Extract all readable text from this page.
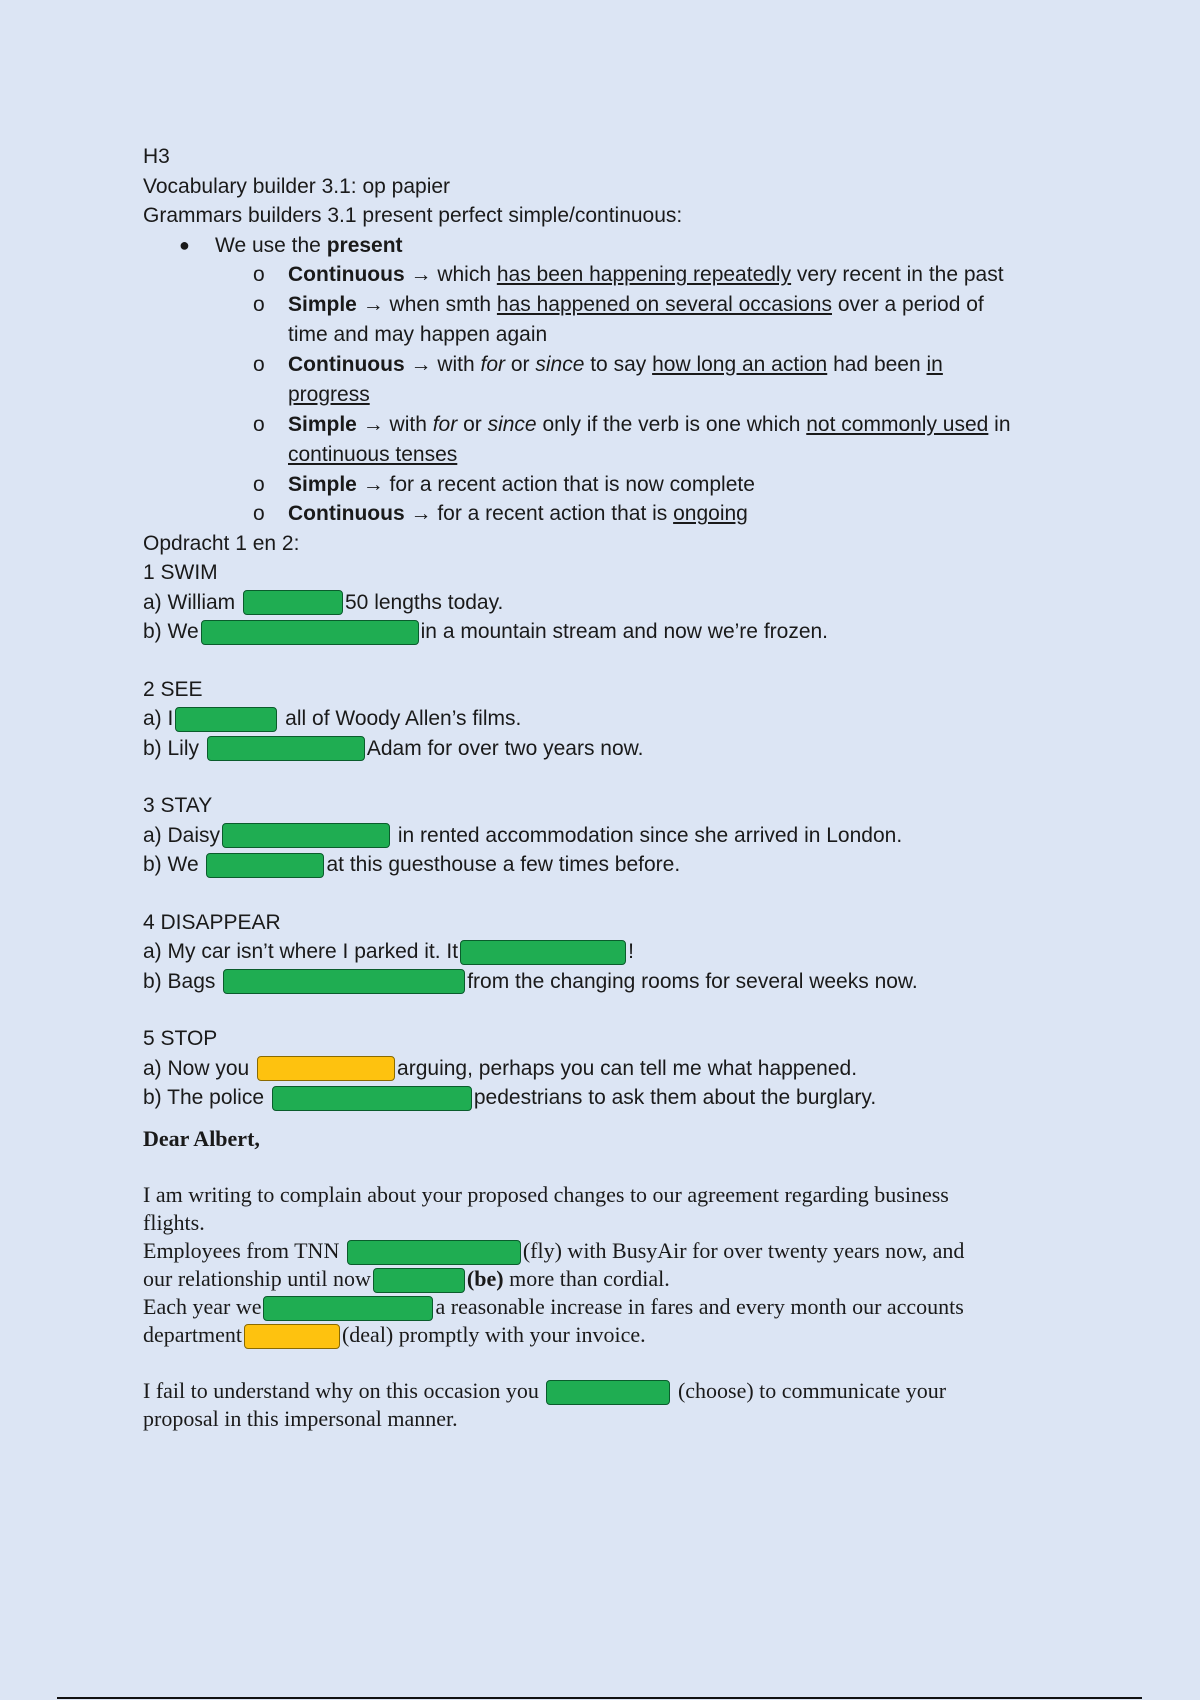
H3
Vocabulary builder 3.1: op papier
Grammars builders 3.1 present perfect simple/continuous:
● We use the present
o Continuous → which has been happening repeatedly very recent in the past
o Simple → when smth has happened on several occasions over a period of
time and may happen again
o Continuous → with for or since to say how long an action had been in
progress
o Simple → with for or since only if the verb is one which not commonly used in
continuous tenses
o Simple → for a recent action that is now complete
o Continuous → for a recent action that is ongoing
Opdracht 1 en 2:
1 SWIM
a) William	50 lengths today.
b) We	in a mountain stream and now we’re frozen.
2 SEE
a) I	all of Woody Allen’s films.
b) Lily	Adam for over two years now.
3 STAY
a) Daisy	in rented accommodation since she arrived in London.
b) We	at this guesthouse a few times before.
4 DISAPPEAR
a) My car isn’t where I parked it. It	!
b) Bags	from the changing rooms for several weeks now.
5 STOP
a) Now you	arguing, perhaps you can tell me what happened.
b) The police	pedestrians to ask them about the burglary.
Dear Albert,
I am writing to complain about your proposed changes to our agreement regarding business
flights.
Employees from TNN	(fly) with BusyAir for over twenty years now, and
our relationship until now	(be) more than cordial.
Each year we	a reasonable increase in fares and every month our accounts
department	(deal) promptly with your invoice.
I fail to understand why on this occasion you	(choose) to communicate your
proposal in this impersonal manner.
